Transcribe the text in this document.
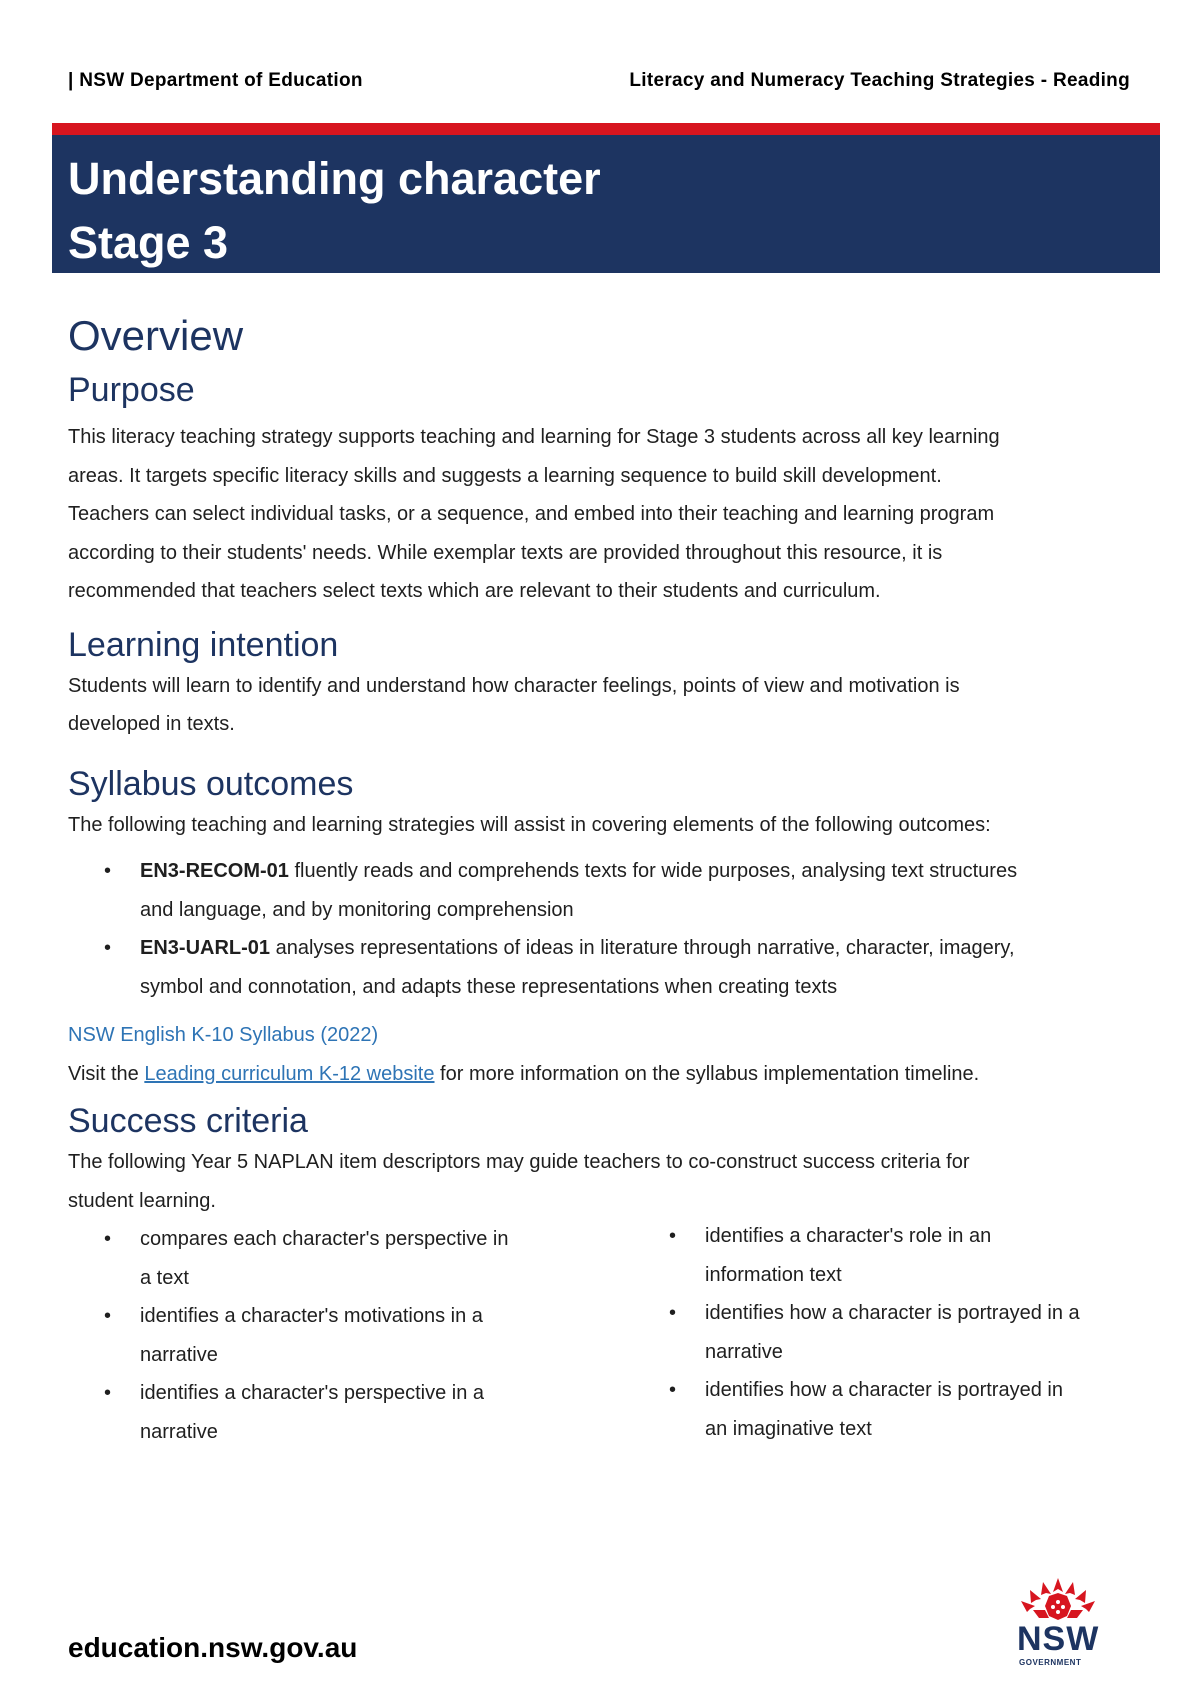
| NSW Department of Education	Literacy and Numeracy Teaching Strategies - Reading
Understanding character
Stage 3
Overview
Purpose

This literacy teaching strategy supports teaching and learning for Stage 3 students across all key learning
areas. It targets specific literacy skills and suggests a learning sequence to build skill development.
Teachers can select individual tasks, or a sequence, and embed into their teaching and learning program
according to their students' needs. While exemplar texts are provided throughout this resource, it is
recommended that teachers select texts which are relevant to their students and curriculum.

Learning intention

Students will learn to identify and understand how character feelings, points of view and motivation is
developed in texts.

Syllabus outcomes

The following teaching and learning strategies will assist in covering elements of the following outcomes:

• EN3-RECOM-01 fluently reads and comprehends texts for wide purposes, analysing text structures
and language, and by monitoring comprehension
• EN3-UARL-01 analyses representations of ideas in literature through narrative, character, imagery,
symbol and connotation, and adapts these representations when creating texts

NSW English K-10 Syllabus (2022)

Visit the Leading curriculum K-12 website for more information on the syllabus implementation timeline.

Success criteria

The following Year 5 NAPLAN item descriptors may guide teachers to co-construct success criteria for
student learning.

• compares each character's perspective in
a text
• identifies a character's motivations in a
narrative
• identifies a character's perspective in a
narrative
• identifies a character's role in an
information text
• identifies how a character is portrayed in a
narrative
• identifies how a character is portrayed in
an imaginative text
education.nsw.gov.au	NSW
GOVERNMENT
